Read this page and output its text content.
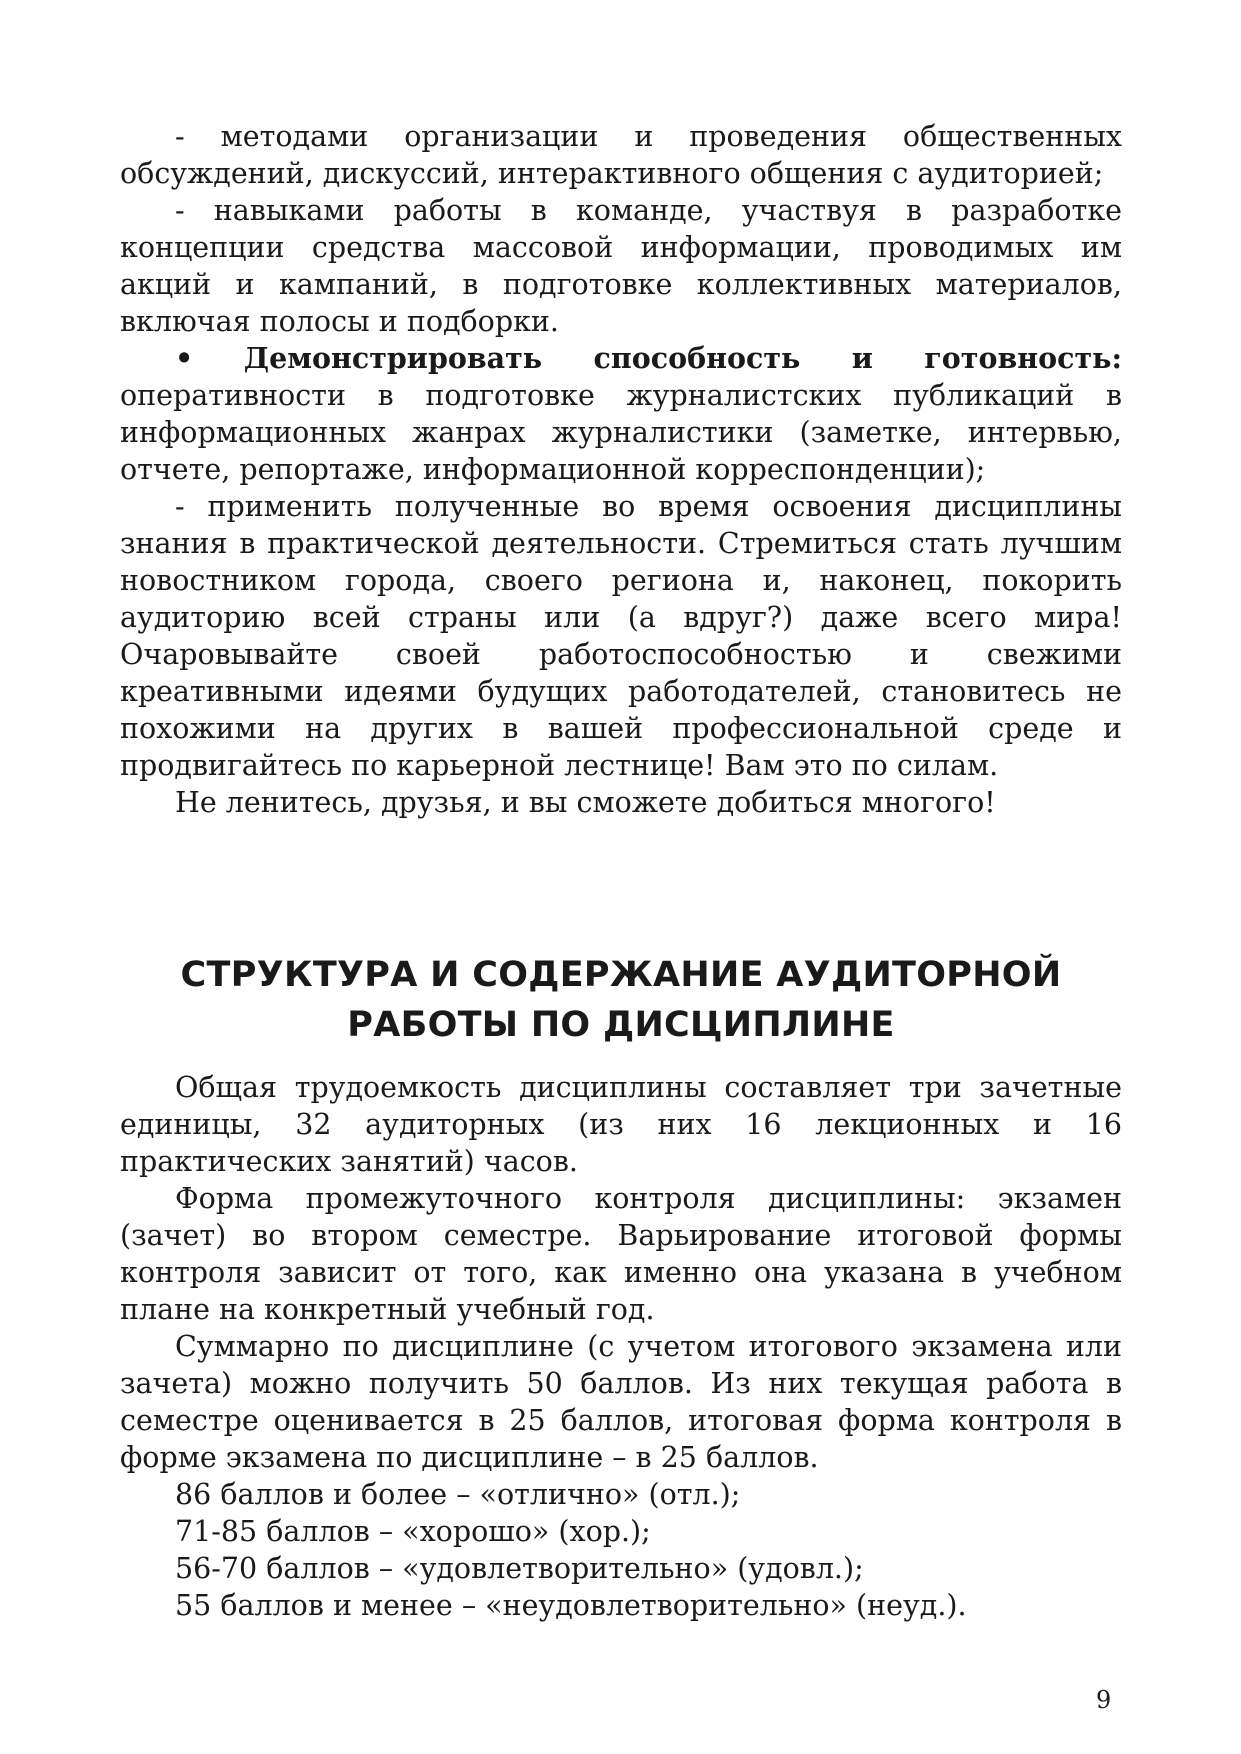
- методами организации и проведения общественных обсуждений, дискуссий, интерактивного общения с аудиторией;

- навыками работы в команде, участвуя в разработке концепции средства массовой информации, проводимых им акций и кампаний, в подготовке коллективных материалов, включая полосы и подборки.

• Демонстрировать способность и готовность: оперативности в подготовке журналистских публикаций в информационных жанрах журналистики (заметке, интервью, отчете, репортаже, информационной корреспонденции);

- применить полученные во время освоения дисциплины знания в практической деятельности. Стремиться стать лучшим новостником города, своего региона и, наконец, покорить аудиторию всей страны или (а вдруг?) даже всего мира! Очаровывайте своей работоспособностью и свежими креативными идеями будущих работодателей, становитесь не похожими на других в вашей профессиональной среде и продвигайтесь по карьерной лестнице! Вам это по силам.

Не ленитесь, друзья, и вы сможете добиться многого!

СТРУКТУРА И СОДЕРЖАНИЕ АУДИТОРНОЙ
РАБОТЫ ПО ДИСЦИПЛИНЕ

Общая трудоемкость дисциплины составляет три зачетные единицы, 32 аудиторных (из них 16 лекционных и 16 практических занятий) часов.

Форма промежуточного контроля дисциплины: экзамен (зачет) во втором семестре. Варьирование итоговой формы контроля зависит от того, как именно она указана в учебном плане на конкретный учебный год.

Суммарно по дисциплине (с учетом итогового экзамена или зачета) можно получить 50 баллов. Из них текущая работа в семестре оценивается в 25 баллов, итоговая форма контроля в форме экзамена по дисциплине – в 25 баллов.

86 баллов и более – «отлично» (отл.);

71-85 баллов – «хорошо» (хор.);

56-70 баллов – «удовлетворительно» (удовл.);

55 баллов и менее – «неудовлетворительно» (неуд.).

9
